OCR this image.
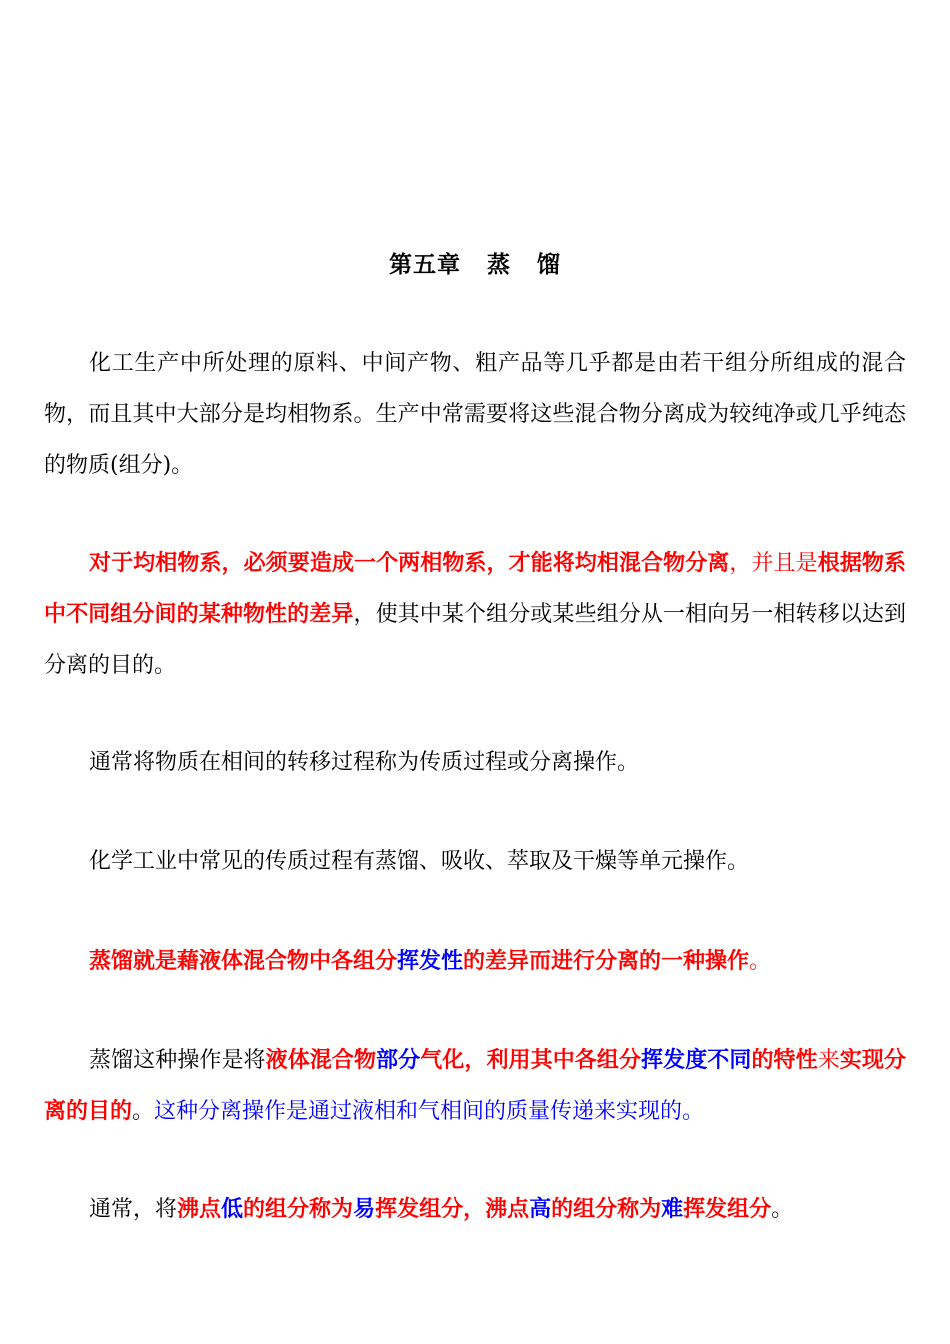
第五章 蒸 馏

化工生产中所处理的原料、中间产物、粗产品等几乎都是由若干组分所组成的混合物，而且其中大部分是均相物系。生产中常需要将这些混合物分离成为较纯净或几乎纯态的物质(组分)。

对于均相物系，必须要造成一个两相物系，才能将均相混合物分离，并且是根据物系中不同组分间的某种物性的差异，使其中某个组分或某些组分从一相向另一相转移以达到分离的目的。

通常将物质在相间的转移过程称为传质过程或分离操作。

化学工业中常见的传质过程有蒸馏、吸收、萃取及干燥等单元操作。

蒸馏就是藉液体混合物中各组分挥发性的差异而进行分离的一种操作。

蒸馏这种操作是将液体混合物部分气化，利用其中各组分挥发度不同的特性来实现分离的目的。这种分离操作是通过液相和气相间的质量传递来实现的。

通常，将沸点低的组分称为易挥发组分，沸点高的组分称为难挥发组分。
